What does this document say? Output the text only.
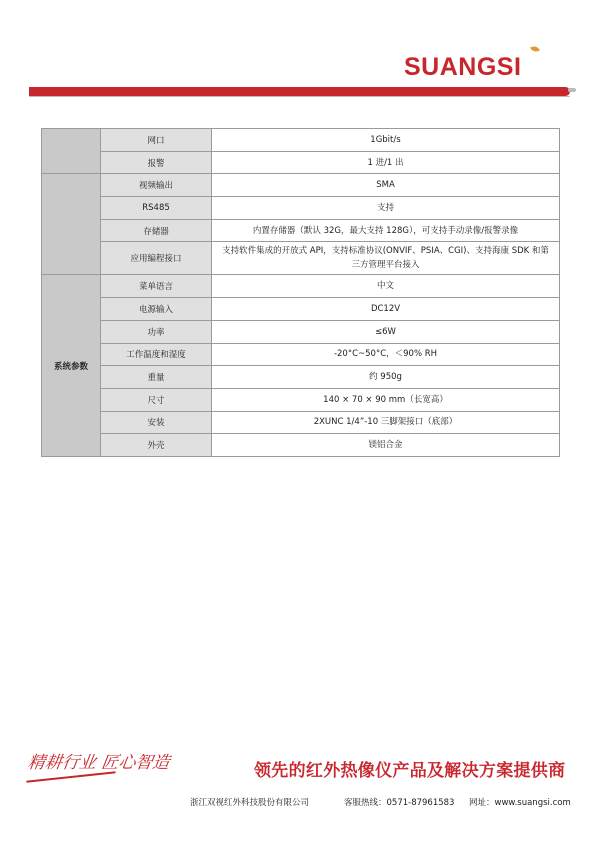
SUANGSI
	网口	1Gbit/s
	报警	1 进/1 出
	视频输出	SMA
	RS485	支持
	存储器	内置存储器（默认 32G，最大支持 128G），可支持手动录像/报警录像
	应用编程接口	支持软件集成的开放式 API，支持标准协议(ONVIF、PSIA、CGI)、支持海康 SDK 和第
三方管理平台接入
系统参数	菜单语言	中文
	电源输入	DC12V
	功率	≤6W
	工作温度和湿度	-20°C~50°C，＜90% RH
	重量	约 950g
	尺寸	140 × 70 × 90 mm（长宽高）
	安装	2XUNC 1/4”-10 三脚架接口（底部）
	外壳	镁铝合金
精耕行业 匠心智造	领先的红外热像仪产品及解决方案提供商
浙江双视红外科技股份有限公司	客服热线：0571-87961583 网址：www.suangsi.com
